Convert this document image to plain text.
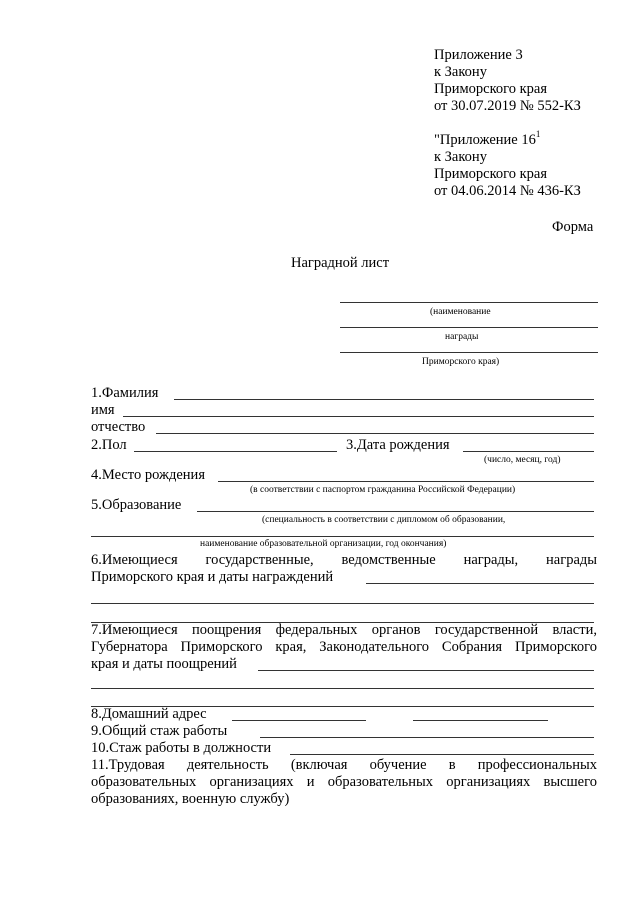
Приложение 3
к Закону
Приморского края
от 30.07.2019 № 552-КЗ
"Приложение $16^1$
к Закону
Приморского края
от 04.06.2014 № 436-КЗ
Форма
Наградной лист
(наименование
награды
Приморского края)
1.Фамилия
имя
отчество
2.Пол	3.Дата рождения
(число, месяц, год)
4.Место рождения
(в соответствии с паспортом гражданина Российской Федерации)
5.Образование
(специальность в соответствии с дипломом об образовании,
наименование образовательной организации, год окончания)
6.Имеющиеся государственные, ведомственные награды, награды
Приморского края и даты награждений
7.Имеющиеся поощрения федеральных органов государственной власти,
Губернатора Приморского края, Законодательного Собрания Приморского
края и даты поощрений
8.Домашний адрес
9.Общий стаж работы
10.Стаж работы в должности
11.Трудовая деятельность (включая обучение в профессиональных
образовательных организациях и образовательных организациях высшего
образованиях, военную службу)
